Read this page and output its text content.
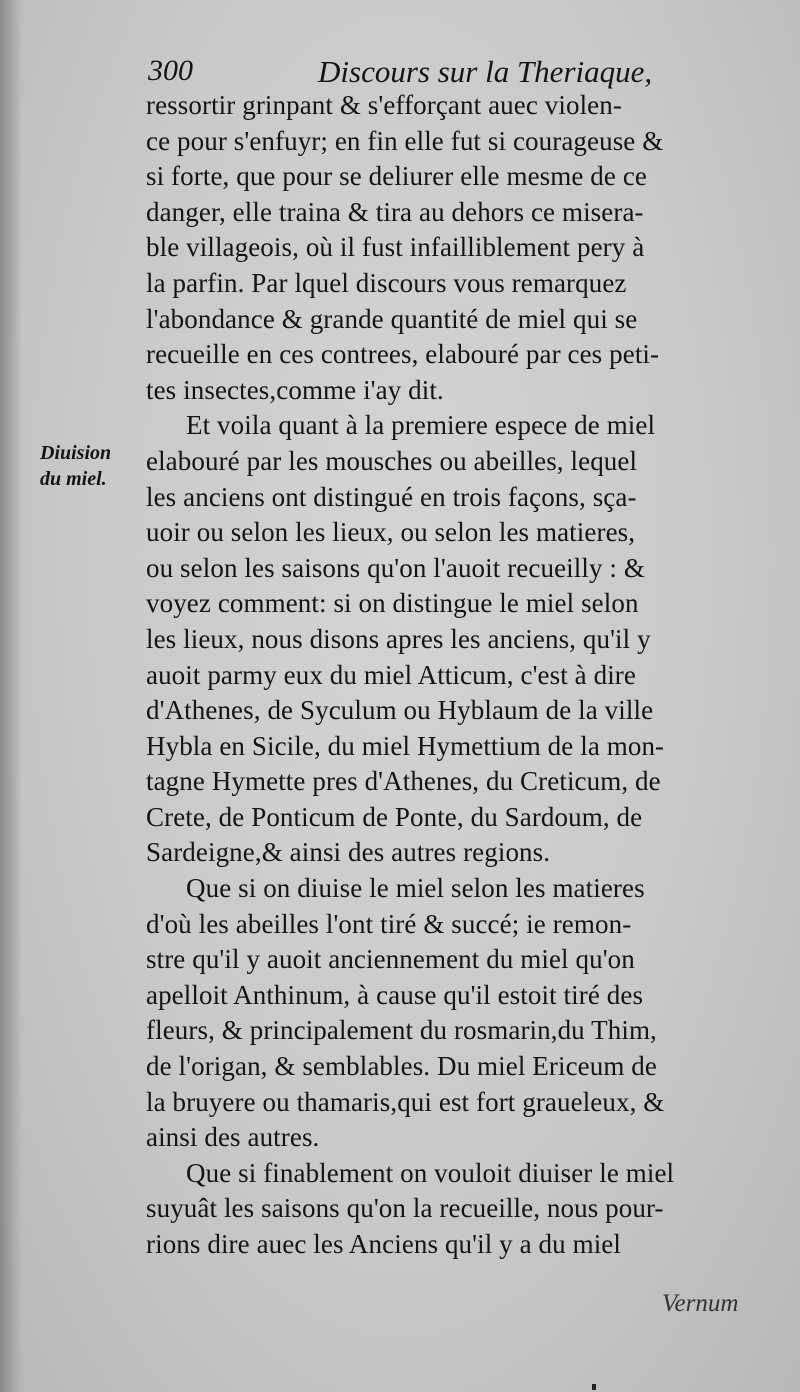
300	Discours sur la Theriaque,
Diuision
du miel.
ressortir grinpant & s'efforçant auec violen-
ce pour s'enfuyr; en fin elle fut si courageuse &
si forte, que pour se deliurer elle mesme de ce
danger, elle traina & tira au dehors ce misera-
ble villageois, où il fust infailliblement pery à
la parfin. Par lquel discours vous remarquez
l'abondance & grande quantité de miel qui se
recueille en ces contrees, elabouré par ces peti-
tes insectes,comme i'ay dit.
Et voila quant à la premiere espece de miel
elabouré par les mousches ou abeilles, lequel
les anciens ont distingué en trois façons, sça-
uoir ou selon les lieux, ou selon les matieres,
ou selon les saisons qu'on l'auoit recueilly : &
voyez comment: si on distingue le miel selon
les lieux, nous disons apres les anciens, qu'il y
auoit parmy eux du miel Atticum, c'est à dire
d'Athenes, de Syculum ou Hyblaum de la ville
Hybla en Sicile, du miel Hymettium de la mon-
tagne Hymette pres d'Athenes, du Creticum, de
Crete, de Ponticum de Ponte, du Sardoum, de
Sardeigne,& ainsi des autres regions.
Que si on diuise le miel selon les matieres
d'où les abeilles l'ont tiré & succé; ie remon-
stre qu'il y auoit anciennement du miel qu'on
apelloit Anthinum, à cause qu'il estoit tiré des
fleurs, & principalement du rosmarin,du Thim,
de l'origan, & semblables. Du miel Ericeum de
la bruyere ou thamaris,qui est fort graueleux, &
ainsi des autres.
Que si finablement on vouloit diuiser le miel
suyuât les saisons qu'on la recueille, nous pour-
rions dire auec les Anciens qu'il y a du miel
Vernum
